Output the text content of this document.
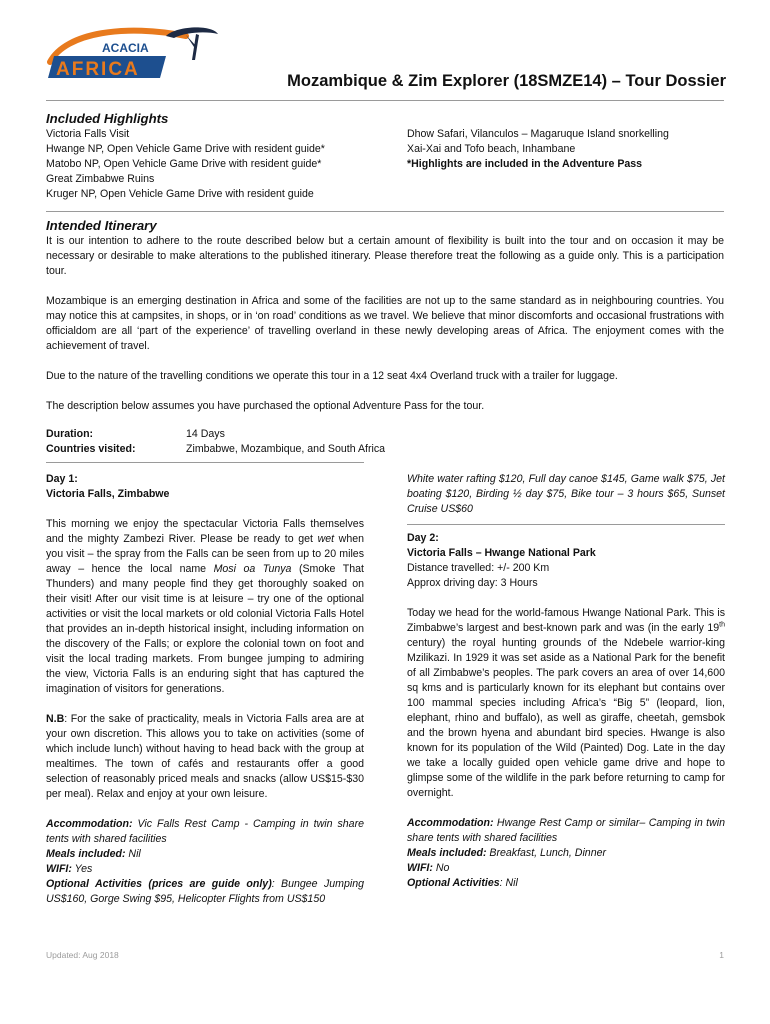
ACACIA
AFRICA
Mozambique & Zim Explorer (18SMZE14) – Tour Dossier
Included Highlights
Victoria Falls Visit
Hwange NP, Open Vehicle Game Drive with resident guide*
Matobo NP, Open Vehicle Game Drive with resident guide*
Great Zimbabwe Ruins
Kruger NP, Open Vehicle Game Drive with resident guide
Dhow Safari, Vilanculos – Magaruque Island snorkelling
Xai-Xai and Tofo beach, Inhambane
*Highlights are included in the Adventure Pass
Intended Itinerary

It is our intention to adhere to the route described below but a certain amount of flexibility is built into the tour and on occasion it may be necessary or desirable to make alterations to the published itinerary. Please therefore treat the following as a guide only. This is a participation tour.

Mozambique is an emerging destination in Africa and some of the facilities are not up to the same standard as in neighbouring countries. You may notice this at campsites, in shops, or in ‘on road’ conditions as we travel. We believe that minor discomforts and occasional frustrations with officialdom are all ‘part of the experience’ of travelling overland in these newly developing areas of Africa. The enjoyment comes with the achievement of travel.

Due to the nature of the travelling conditions we operate this tour in a 12 seat 4x4 Overland truck with a trailer for luggage.

The description below assumes you have purchased the optional Adventure Pass for the tour.

Duration:	14 Days
Countries visited:	Zimbabwe, Mozambique, and South Africa
Day 1:
Victoria Falls, Zimbabwe

This morning we enjoy the spectacular Victoria Falls themselves and the mighty Zambezi River. Please be ready to get wet when you visit – the spray from the Falls can be seen from up to 20 miles away – hence the local name Mosi oa Tunya (Smoke That Thunders) and many people find they get thoroughly soaked on their visit! After our visit time is at leisure – try one of the optional activities or visit the local markets or old colonial Victoria Falls Hotel that provides an in-depth historical insight, including information on the discovery of the Falls; or explore the colonial town on foot and visit the local trading markets. From bungee jumping to admiring the view, Victoria Falls is an enduring sight that has captured the imagination of visitors for generations.

N.B: For the sake of practicality, meals in Victoria Falls area are at your own discretion. This allows you to take on activities (some of which include lunch) without having to head back with the group at mealtimes. The town of cafés and restaurants offer a good selection of reasonably priced meals and snacks (allow US$15-$30 per meal). Relax and enjoy at your own leisure.

Accommodation: Vic Falls Rest Camp - Camping in twin share tents with shared facilities

Meals included: Nil
WIFI: Yes

Optional Activities (prices are guide only): Bungee Jumping US$160, Gorge Swing $95, Helicopter Flights from US$150

White water rafting $120, Full day canoe $145, Game walk $75, Jet boating $120, Birding ½ day $75, Bike tour – 3 hours $65, Sunset Cruise US$60

Day 2:
Victoria Falls – Hwange National Park
Distance travelled: +/- 200 Km
Approx driving day: 3 Hours

Today we head for the world-famous Hwange National Park. This is Zimbabwe’s largest and best-known park and was (in the early 19th century) the royal hunting grounds of the Ndebele warrior-king Mzilikazi. In 1929 it was set aside as a National Park for the benefit of all Zimbabwe’s peoples. The park covers an area of over 14,600 sq kms and is particularly known for its elephant but contains over 100 mammal species including Africa’s “Big 5” (leopard, lion, elephant, rhino and buffalo), as well as giraffe, cheetah, gemsbok and the brown hyena and abundant bird species. Hwange is also known for its population of the Wild (Painted) Dog. Late in the day we take a locally guided open vehicle game drive and hope to glimpse some of the wildlife in the park before returning to camp for overnight.

Accommodation: Hwange Rest Camp or similar– Camping in twin share tents with shared facilities

Meals included: Breakfast, Lunch, Dinner
WIFI: No
Optional Activities: Nil
Updated: Aug 2018	1
